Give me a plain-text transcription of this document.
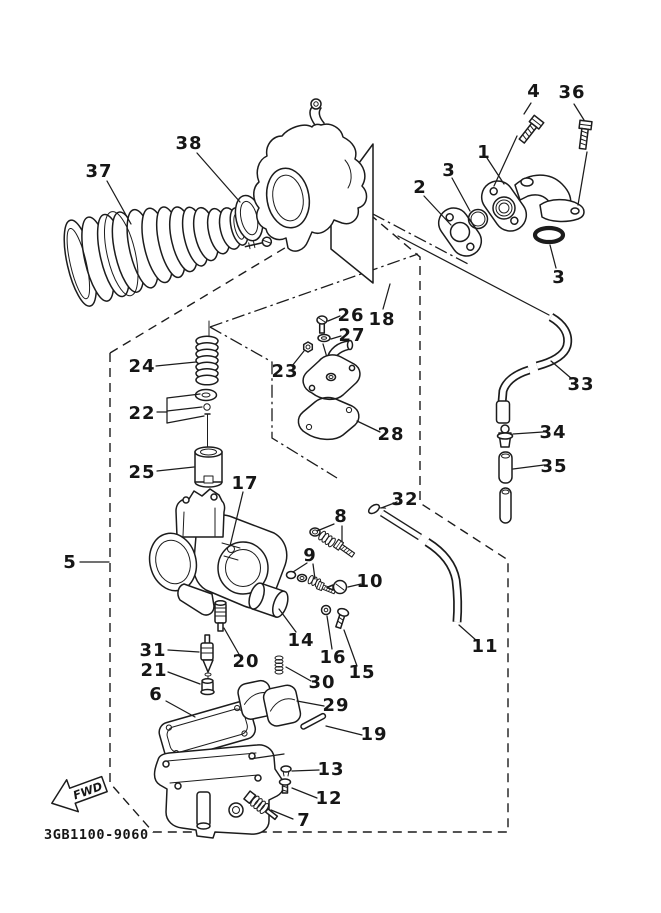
FWD
3GB1100-9060
1
2
3
3
4 36
37
38
18
26
27
23
28
24
22
25
17
8
9
10
5
14
16
15
31
20
21
30
6
29
19
13
12
7
33
34
35
32
11
